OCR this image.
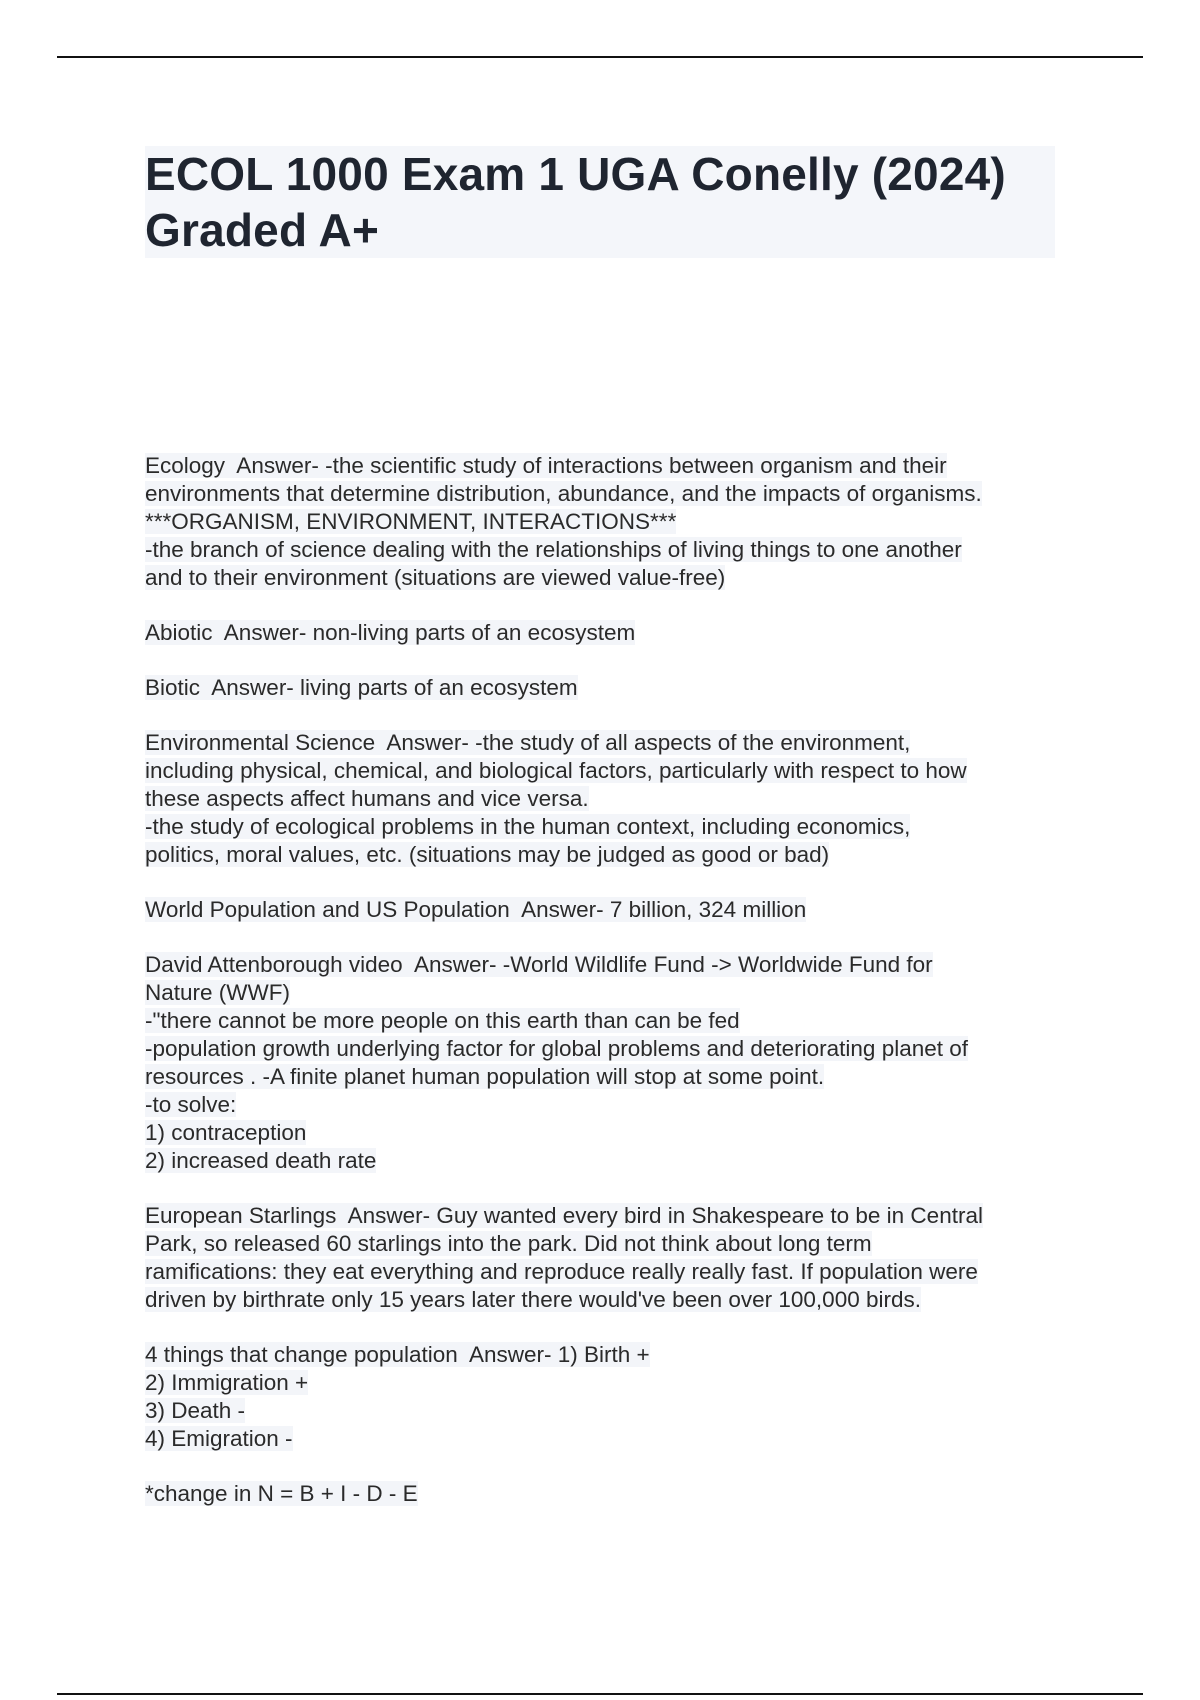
ECOL 1000 Exam 1 UGA Conelly (2024)
Graded A+
Ecology  Answer- -the scientific study of interactions between organism and their
environments that determine distribution, abundance, and the impacts of organisms.
***ORGANISM, ENVIRONMENT, INTERACTIONS***
-the branch of science dealing with the relationships of living things to one another
and to their environment (situations are viewed value-free)
Abiotic  Answer- non-living parts of an ecosystem
Biotic  Answer- living parts of an ecosystem
Environmental Science  Answer- -the study of all aspects of the environment,
including physical, chemical, and biological factors, particularly with respect to how
these aspects affect humans and vice versa.
-the study of ecological problems in the human context, including economics,
politics, moral values, etc. (situations may be judged as good or bad)
World Population and US Population  Answer- 7 billion, 324 million
David Attenborough video  Answer- -World Wildlife Fund -> Worldwide Fund for
Nature (WWF)
-"there cannot be more people on this earth than can be fed
-population growth underlying factor for global problems and deteriorating planet of
resources . -A finite planet human population will stop at some point.
-to solve:
1) contraception
2) increased death rate
European Starlings  Answer- Guy wanted every bird in Shakespeare to be in Central
Park, so released 60 starlings into the park. Did not think about long term
ramifications: they eat everything and reproduce really really fast. If population were
driven by birthrate only 15 years later there would've been over 100,000 birds.
4 things that change population  Answer- 1) Birth +
2) Immigration +
3) Death -
4) Emigration -
*change in N = B + I - D - E
